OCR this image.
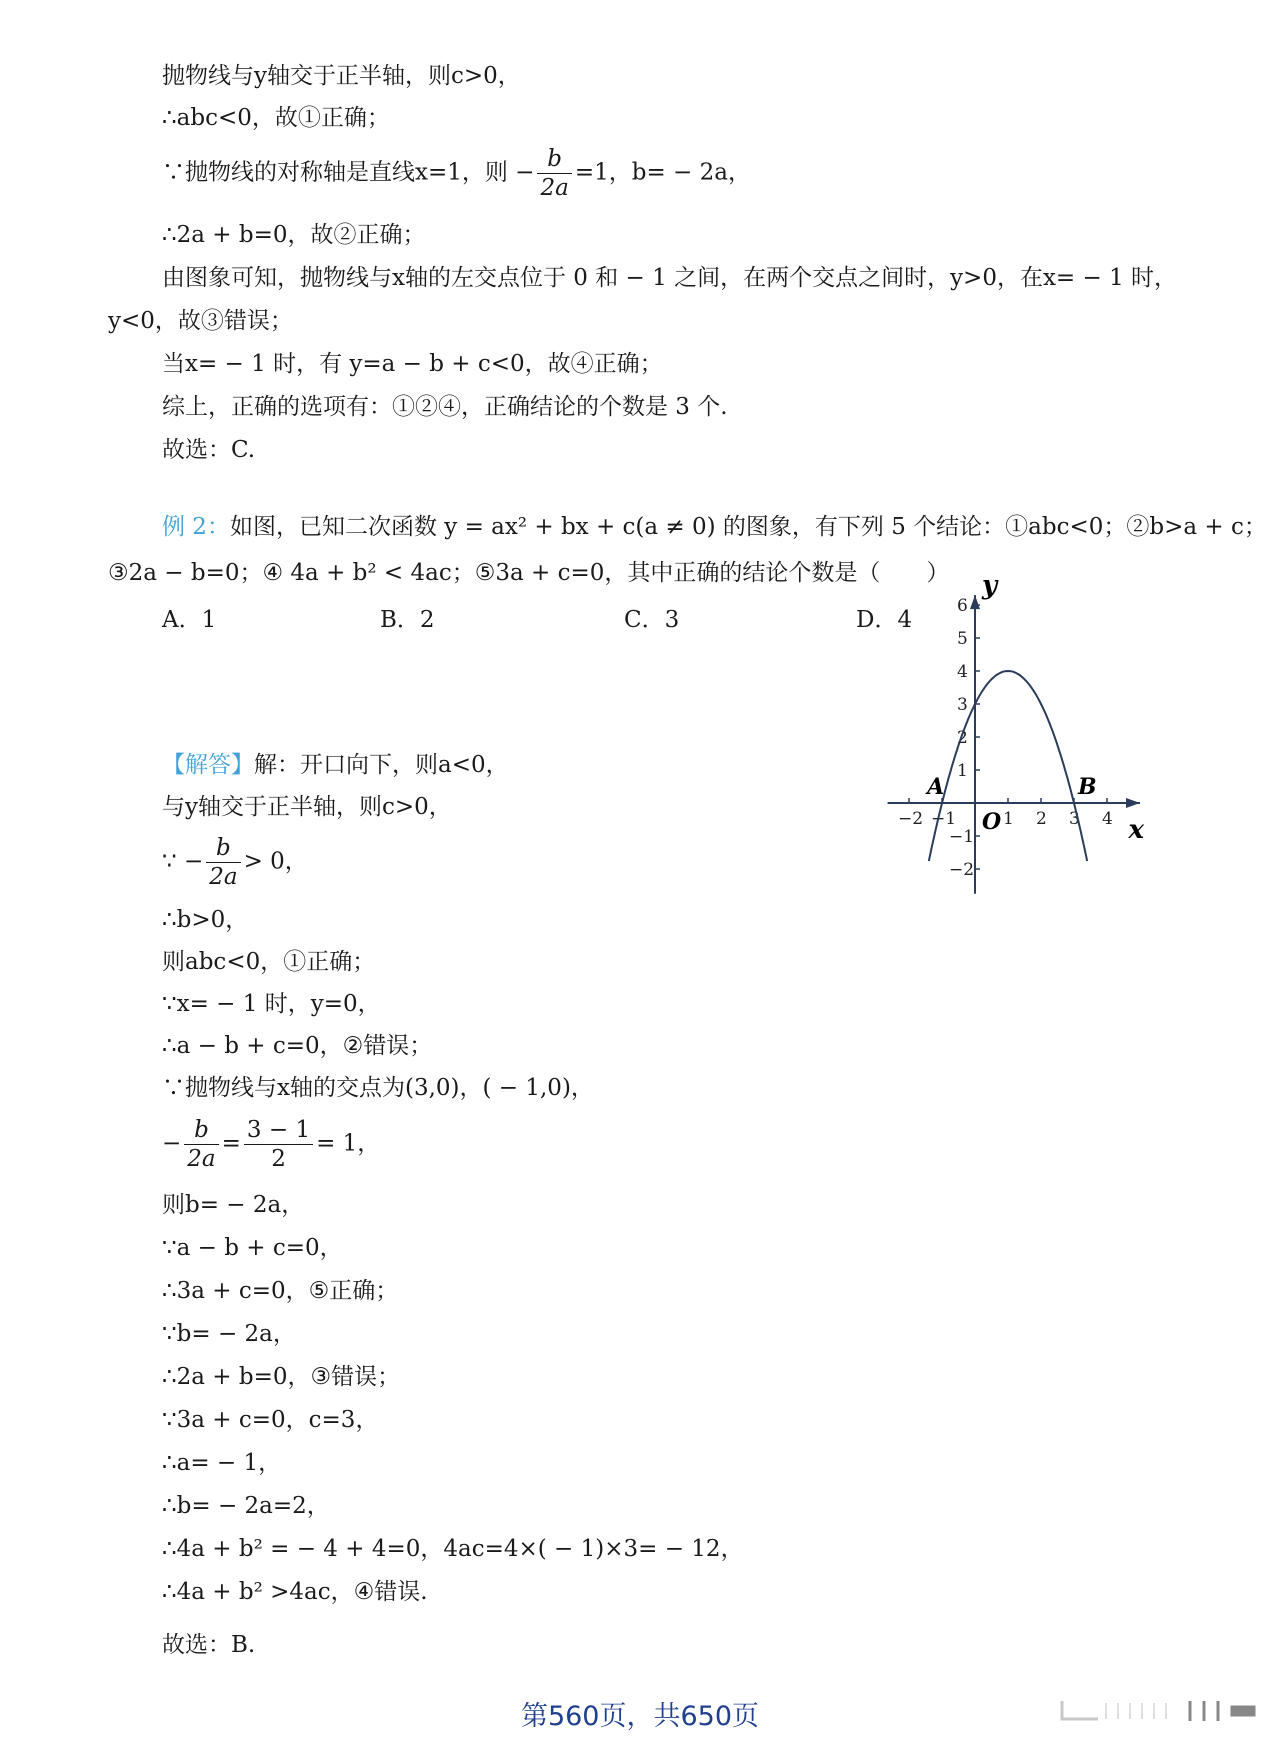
抛物线与y轴交于正半轴，则c>0，
∴abc<0，故①正确；
∵抛物线的对称轴是直线x=1，则 − $\frac{b}{2a} =1$，b= − 2a，
∴2a + b=0，故②正确；
由图象可知，抛物线与x轴的左交点位于 0 和 − 1 之间，在两个交点之间时，y>0，在x= − 1 时，
y<0，故③错误；
当x= − 1 时，有 y=a − b + c<0，故④正确；
综上，正确的选项有：①②④，正确结论的个数是 3 个.
故选：C.
例 2：如图，已知二次函数 y = ax² + bx + c(a ≠ 0) 的图象，有下列 5 个结论：①abc<0；②b>a + c；
③2a − b=0；④ 4a + b² < 4ac；⑤3a + c=0，其中正确的结论个数是（　　）
A．1	B．2	C．3	D．4
−2 −1	1 2 3 4
6
5
4
3
2
1
−1
−2
x
y
O
A	B
【解答】解：开口向下，则a<0，
与y轴交于正半轴，则c>0，
∵ − $\frac{b}{2a} > 0$，
∴b>0，
则abc<0，①正确；
∵x= − 1 时，y=0，
∴a − b + c=0，②错误；
∵抛物线与x轴的交点为(3,0)，( − 1,0)，
− $\frac{b}{2a} = \frac{3 - 1}{2} = 1$，
则b= − 2a，
∵a − b + c=0，
∴3a + c=0，⑤正确；
∵b= − 2a，
∴2a + b=0，③错误；
∵3a + c=0，c=3，
∴a= − 1，
∴b= − 2a=2，
∴4a + b² = − 4 + 4=0，4ac=4×( − 1)×3= − 12，
∴4a + b² >4ac，④错误.
故选：B.
第560页，共650页
